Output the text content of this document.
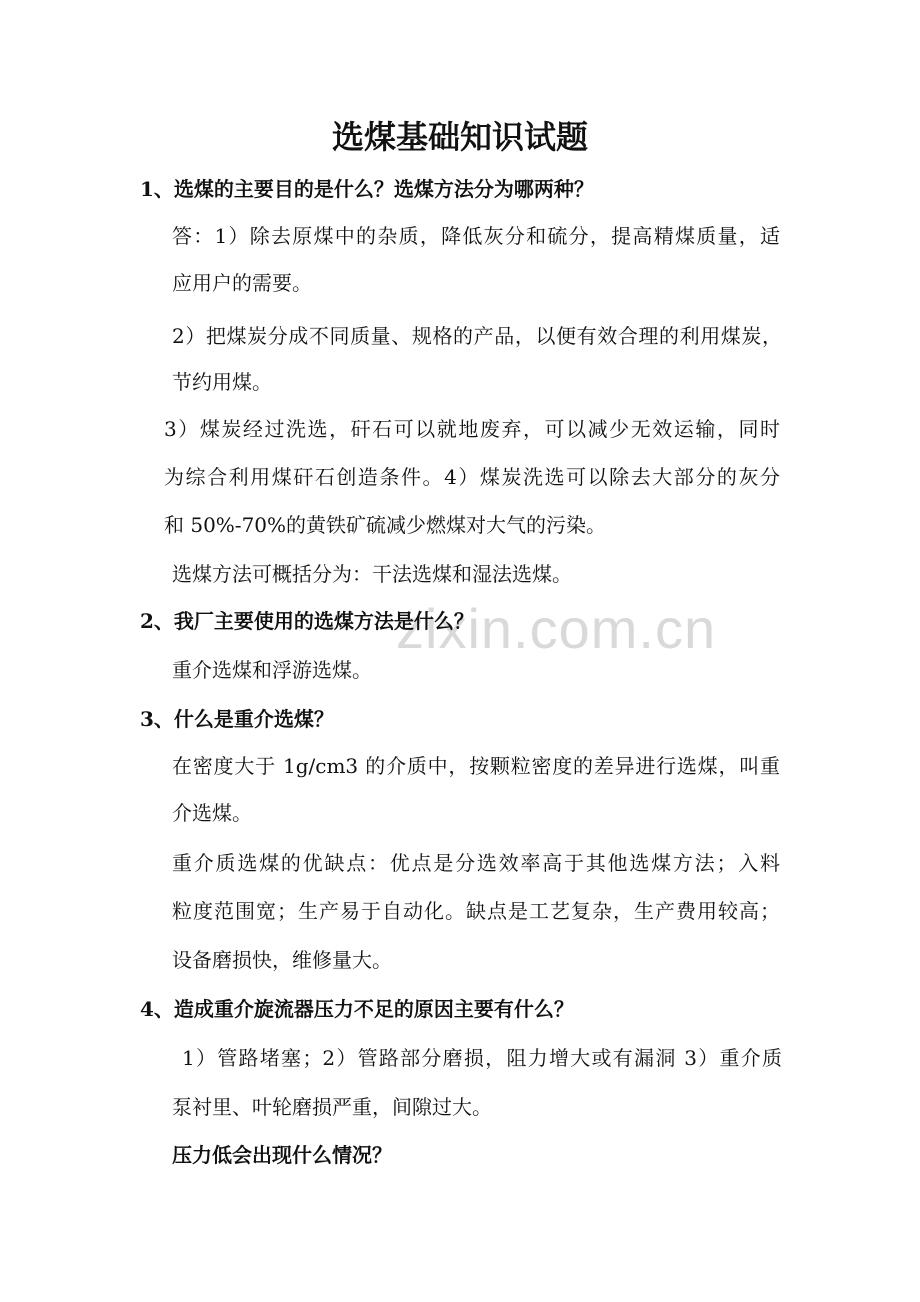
zixin.com.cn
选煤基础知识试题
1、选煤的主要目的是什么？选煤方法分为哪两种？
答：1）除去原煤中的杂质，降低灰分和硫分，提高精煤质量，适
应用户的需要。
2）把煤炭分成不同质量、规格的产品，以便有效合理的利用煤炭，
节约用煤。
3）煤炭经过洗选，矸石可以就地废弃，可以减少无效运输，同时
为综合利用煤矸石创造条件。4）煤炭洗选可以除去大部分的灰分
和 50%-70%的黄铁矿硫减少燃煤对大气的污染。
选煤方法可概括分为：干法选煤和湿法选煤。
2、我厂主要使用的选煤方法是什么？
重介选煤和浮游选煤。
3、什么是重介选煤？
在密度大于 1g/cm3 的介质中，按颗粒密度的差异进行选煤，叫重
介选煤。
重介质选煤的优缺点：优点是分选效率高于其他选煤方法；入料
粒度范围宽；生产易于自动化。缺点是工艺复杂，生产费用较高；
设备磨损快，维修量大。
4、造成重介旋流器压力不足的原因主要有什么？
1）管路堵塞；2）管路部分磨损，阻力增大或有漏洞 3）重介质
泵衬里、叶轮磨损严重，间隙过大。
压力低会出现什么情况？
